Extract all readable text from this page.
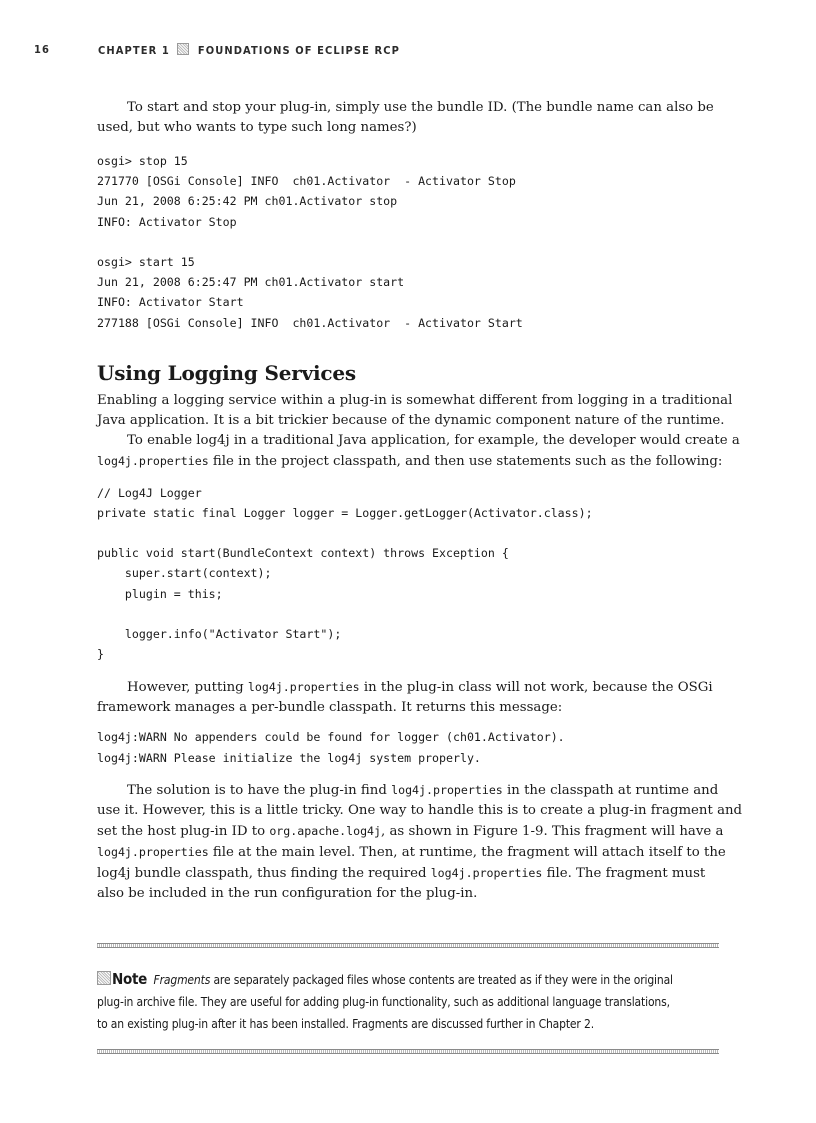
16	CHAPTER 1	FOUNDATIONS OF ECLIPSE RCP

To start and stop your plug-in, simply use the bundle ID. (The bundle name can also be
used, but who wants to type such long names?)

osgi> stop 15
271770 [OSGi Console] INFO  ch01.Activator  - Activator Stop
Jun 21, 2008 6:25:42 PM ch01.Activator stop
INFO: Activator Stop
osgi> start 15
Jun 21, 2008 6:25:47 PM ch01.Activator start
INFO: Activator Start
277188 [OSGi Console] INFO  ch01.Activator  - Activator Start
Using Logging Services

Enabling a logging service within a plug-in is somewhat different from logging in a traditional
Java application. It is a bit trickier because of the dynamic component nature of the runtime.

To enable log4j in a traditional Java application, for example, the developer would create a
log4j.properties file in the project classpath, and then use statements such as the following:

// Log4J Logger
private static final Logger logger = Logger.getLogger(Activator.class);
public void start(BundleContext context) throws Exception {
super.start(context);
plugin = this;
logger.info("Activator Start");
}

However, putting log4j.properties in the plug-in class will not work, because the OSGi
framework manages a per-bundle classpath. It returns this message:

log4j:WARN No appenders could be found for logger (ch01.Activator).
log4j:WARN Please initialize the log4j system properly.

The solution is to have the plug-in find log4j.properties in the classpath at runtime and
use it. However, this is a little tricky. One way to handle this is to create a plug-in fragment and
set the host plug-in ID to org.apache.log4j, as shown in Figure 1-9. This fragment will have a
log4j.properties file at the main level. Then, at runtime, the fragment will attach itself to the
log4j bundle classpath, thus finding the required log4j.properties file. The fragment must
also be included in the run configuration for the plug-in.

Note Fragments are separately packaged files whose contents are treated as if they were in the original
plug-in archive file. They are useful for adding plug-in functionality, such as additional language translations,
to an existing plug-in after it has been installed. Fragments are discussed further in Chapter 2.
